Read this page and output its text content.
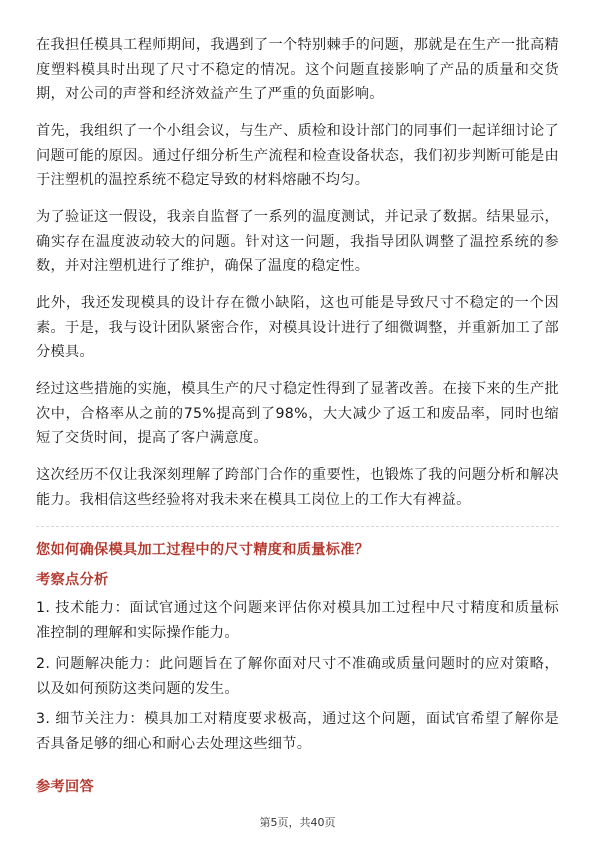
在我担任模具工程师期间，我遇到了一个特别棘手的问题，那就是在生产一批高精度塑料模具时出现了尺寸不稳定的情况。这个问题直接影响了产品的质量和交货期，对公司的声誉和经济效益产生了严重的负面影响。

首先，我组织了一个小组会议，与生产、质检和设计部门的同事们一起详细讨论了问题可能的原因。通过仔细分析生产流程和检查设备状态，我们初步判断可能是由于注塑机的温控系统不稳定导致的材料熔融不均匀。

为了验证这一假设，我亲自监督了一系列的温度测试，并记录了数据。结果显示，确实存在温度波动较大的问题。针对这一问题，我指导团队调整了温控系统的参数，并对注塑机进行了维护，确保了温度的稳定性。

此外，我还发现模具的设计存在微小缺陷，这也可能是导致尺寸不稳定的一个因素。于是，我与设计团队紧密合作，对模具设计进行了细微调整，并重新加工了部分模具。

经过这些措施的实施，模具生产的尺寸稳定性得到了显著改善。在接下来的生产批次中，合格率从之前的75%提高到了98%，大大减少了返工和废品率，同时也缩短了交货时间，提高了客户满意度。

这次经历不仅让我深刻理解了跨部门合作的重要性，也锻炼了我的问题分析和解决能力。我相信这些经验将对我未来在模具工岗位上的工作大有裨益。

您如何确保模具加工过程中的尺寸精度和质量标准？
考察点分析
1. 技术能力：面试官通过这个问题来评估你对模具加工过程中尺寸精度和质量标准控制的理解和实际操作能力。
2. 问题解决能力：此问题旨在了解你面对尺寸不准确或质量问题时的应对策略，以及如何预防这类问题的发生。
3. 细节关注力：模具加工对精度要求极高，通过这个问题，面试官希望了解你是否具备足够的细心和耐心去处理这些细节。
参考回答
第5页，共40页
